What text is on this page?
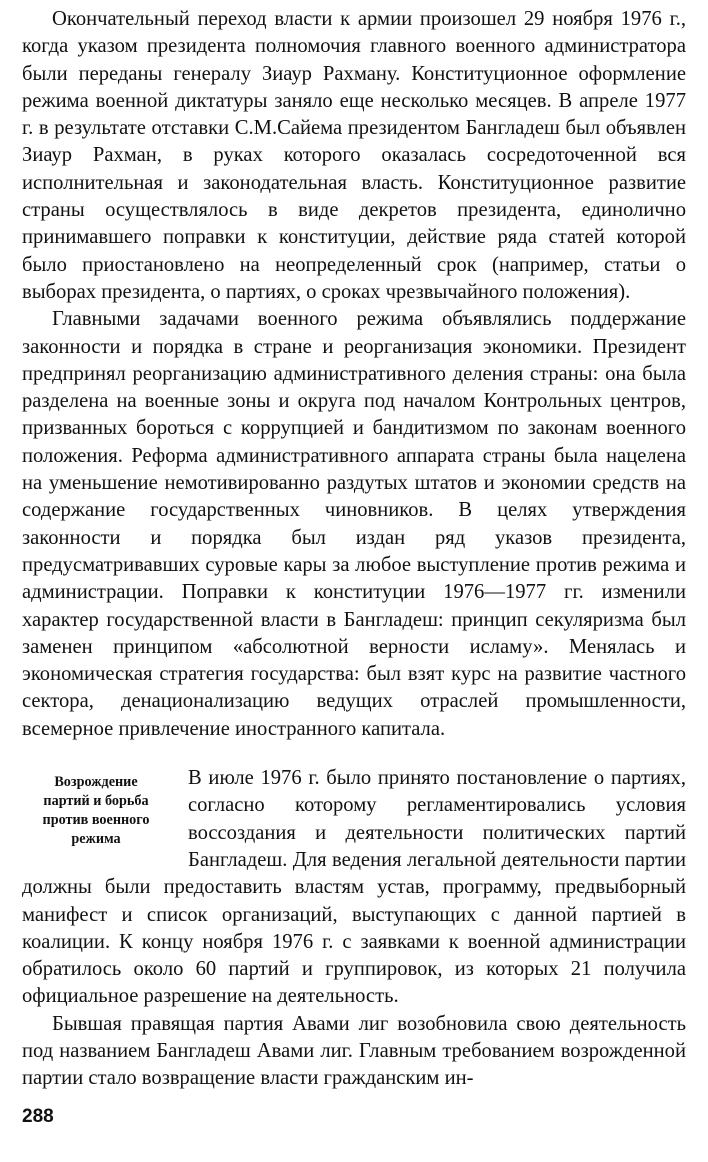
Окончательный переход власти к армии произошел 29 ноября 1976 г., когда указом президента полномочия главного военного администратора были переданы генералу Зиаур Рахману. Конституционное оформление режима военной диктатуры заняло еще несколько месяцев. В апреле 1977 г. в результате отставки С.М.Сайема президентом Бангладеш был объявлен Зиаур Рахман, в руках которого оказалась сосредоточенной вся исполнительная и законодательная власть. Конституционное развитие страны осуществлялось в виде декретов президента, единолично принимавшего поправки к конституции, действие ряда статей которой было приостановлено на неопределенный срок (например, статьи о выборах президента, о партиях, о сроках чрезвычайного положения).

Главными задачами военного режима объявлялись поддержание законности и порядка в стране и реорганизация экономики. Президент предпринял реорганизацию административного деления страны: она была разделена на военные зоны и округа под началом Контрольных центров, призванных бороться с коррупцией и бандитизмом по законам военного положения. Реформа административного аппарата страны была нацелена на уменьшение немотивированно раздутых штатов и экономии средств на содержание государственных чиновников. В целях утверждения законности и порядка был издан ряд указов президента, предусматривавших суровые кары за любое выступление против режима и администрации. Поправки к конституции 1976—1977 гг. изменили характер государственной власти в Бангладеш: принцип секуляризма был заменен принципом «абсолютной верности исламу». Менялась и экономическая стратегия государства: был взят курс на развитие частного сектора, денационализацию ведущих отраслей промышленности, всемерное привлечение иностранного капитала.

Возрождение
партий и борьба
против военного
режима

В июле 1976 г. было принято постановление о партиях, согласно которому регламентировались условия воссоздания и деятельности политических партий Бангладеш. Для ведения легальной деятельности партии должны были предоставить властям устав, программу, предвыборный манифест и список организаций, выступающих с данной партией в коалиции. К концу ноября 1976 г. с заявками к военной администрации обратилось около 60 партий и группировок, из которых 21 получила официальное разрешение на деятельность.

Бывшая правящая партия Авами лиг возобновила свою деятельность под названием Бангладеш Авами лиг. Главным требованием возрожденной партии стало возвращение власти гражданским ин-

288
